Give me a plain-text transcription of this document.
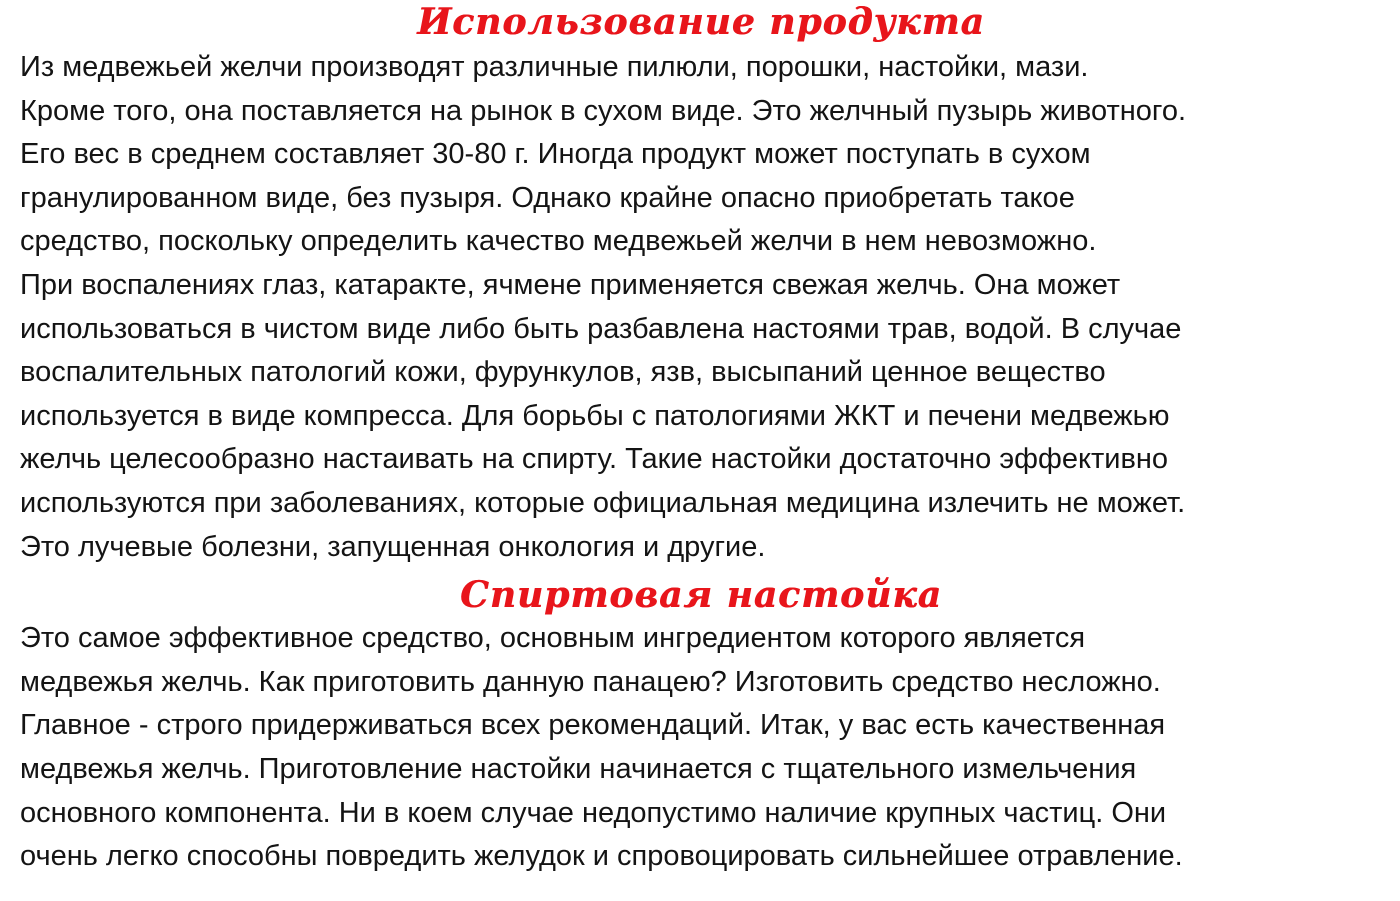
Использование продукта

Из медвежьей желчи производят различные пилюли, порошки, настойки, мази.
Кроме того, она поставляется на рынок в сухом виде. Это желчный пузырь животного.
Его вес в среднем составляет 30-80 г. Иногда продукт может поступать в сухом
гранулированном виде, без пузыря. Однако крайне опасно приобретать такое
средство, поскольку определить качество медвежьей желчи в нем невозможно.

При воспалениях глаз, катаракте, ячмене применяется свежая желчь. Она может
использоваться в чистом виде либо быть разбавлена настоями трав, водой. В случае
воспалительных патологий кожи, фурункулов, язв, высыпаний ценное вещество
используется в виде компресса. Для борьбы с патологиями ЖКТ и печени медвежью
желчь целесообразно настаивать на спирту. Такие настойки достаточно эффективно
используются при заболеваниях, которые официальная медицина излечить не может.
Это лучевые болезни, запущенная онкология и другие.

Спиртовая настойка

Это самое эффективное средство, основным ингредиентом которого является
медвежья желчь. Как приготовить данную панацею? Изготовить средство несложно.
Главное - строго придерживаться всех рекомендаций. Итак, у вас есть качественная
медвежья желчь. Приготовление настойки начинается с тщательного измельчения
основного компонента. Ни в коем случае недопустимо наличие крупных частиц. Они
очень легко способны повредить желудок и спровоцировать сильнейшее отравление.
